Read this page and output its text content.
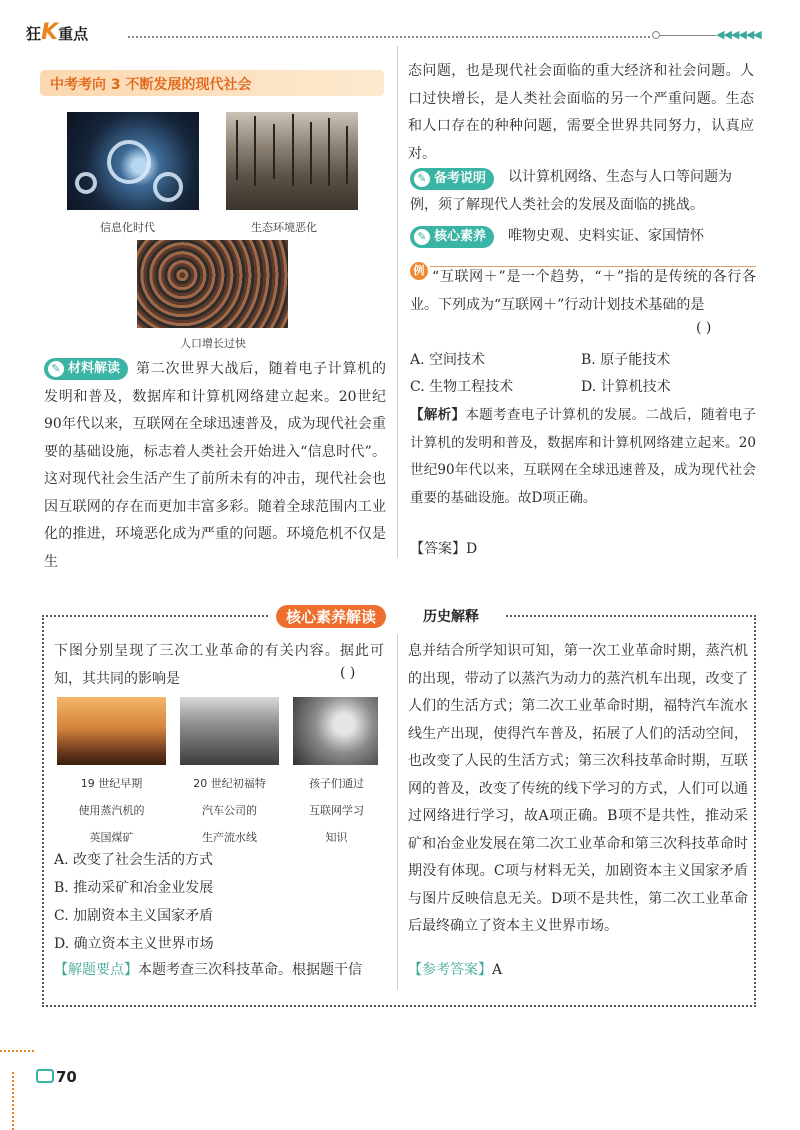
狂K重点	◀◀◀◀◀◀
中考考向 3 不断发展的现代社会
信息化时代	生态环境恶化
人口增长过快
第二次世界大战后，随着电子计算机的发明和普及，数据库和计算机网络建立起来。20世纪90年代以来，互联网在全球迅速普及，成为现代社会重要的基础设施，标志着人类社会开始进入“信息时代”。这对现代社会生活产生了前所未有的冲击，现代社会也因互联网的存在而更加丰富多彩。随着全球范围内工业化的推进，环境恶化成为严重的问题。环境危机不仅是生
✎ 材料解读
态问题，也是现代社会面临的重大经济和社会问题。人口过快增长，是人类社会面临的另一个严重问题。生态和人口存在的种种问题，需要全世界共同努力，认真应对。
✎ 备考说明	以计算机网络、生态与人口等问题为
例，须了解现代人类社会的发展及面临的挑战。
✎ 核心素养	唯物史观、史料实证、家国情怀
“互联网＋”是一个趋势，“＋”指的是传统的各行各业。下列成为“互联网＋”行动计划技术基础的是
例
( )
A. 空间技术	B. 原子能技术
C. 生物工程技术	D. 计算机技术
【解析】本题考查电子计算机的发展。二战后，随着电子计算机的发明和普及，数据库和计算机网络建立起来。20世纪90年代以来，互联网在全球迅速普及，成为现代社会重要的基础设施。故D项正确。
【答案】D
核心素养解读	历史解释
下图分别呈现了三次工业革命的有关内容。据此可知，其共同的影响是	( )
19 世纪早期
使用蒸汽机的
英国煤矿
20 世纪初福特
汽车公司的
生产流水线
孩子们通过
互联网学习
知识
A. 改变了社会生活的方式
B. 推动采矿和冶金业发展
C. 加剧资本主义国家矛盾
D. 确立资本主义世界市场
【解题要点】本题考查三次科技革命。根据题干信
息并结合所学知识可知，第一次工业革命时期，蒸汽机的出现，带动了以蒸汽为动力的蒸汽机车出现，改变了人们的生活方式；第二次工业革命时期，福特汽车流水线生产出现，使得汽车普及，拓展了人们的活动空间，也改变了人民的生活方式；第三次科技革命时期，互联网的普及，改变了传统的线下学习的方式，人们可以通过网络进行学习，故A项正确。B项不是共性，推动采矿和冶金业发展在第二次工业革命和第三次科技革命时期没有体现。C项与材料无关，加剧资本主义国家矛盾与图片反映信息无关。D项不是共性，第二次工业革命后最终确立了资本主义世界市场。
【参考答案】A
70
